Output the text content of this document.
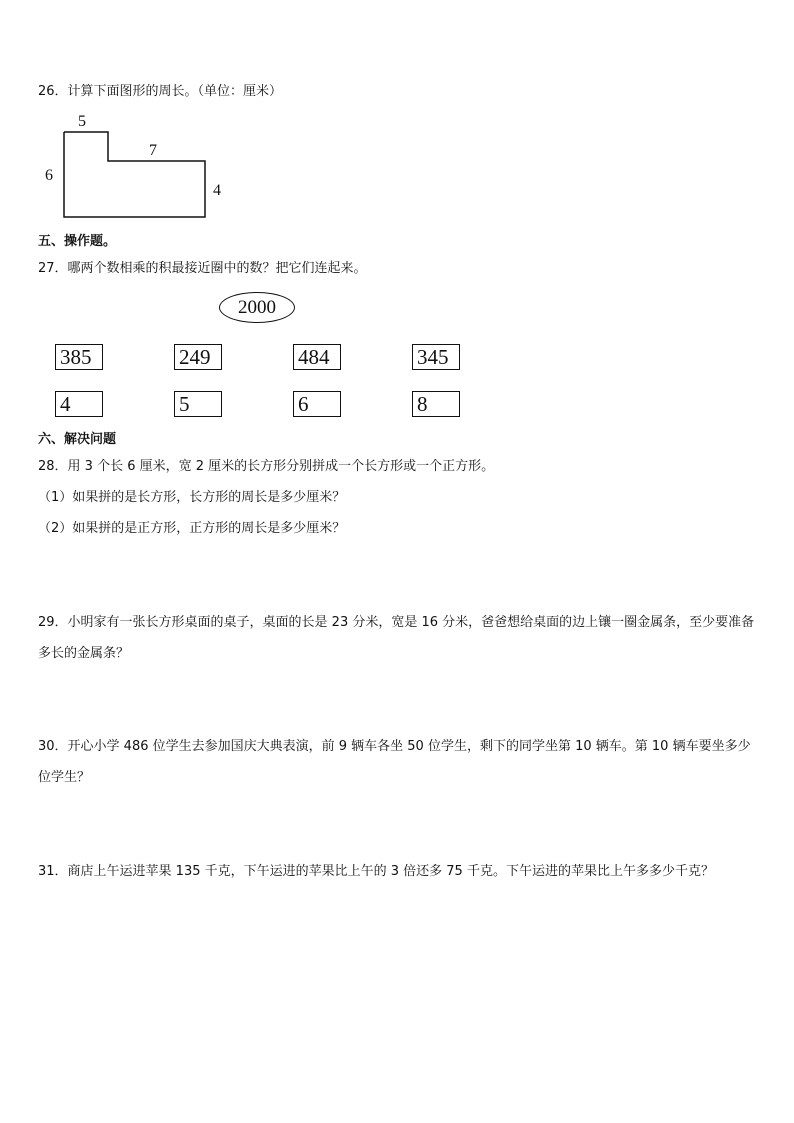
26．计算下面图形的周长。（单位：厘米）
5
7
6
4
五、操作题。
27．哪两个数相乘的积最接近圈中的数？把它们连起来。
2000
385	249	484	345
4	5	6	8
六、解决问题
28．用 3 个长 6 厘米，宽 2 厘米的长方形分别拼成一个长方形或一个正方形。
（1）如果拼的是长方形，长方形的周长是多少厘米？
（2）如果拼的是正方形，正方形的周长是多少厘米？
29．小明家有一张长方形桌面的桌子，桌面的长是 23 分米，宽是 16 分米，爸爸想给桌面的边上镶一圈金属条，至少要准备多长的金属条？
30．开心小学 486 位学生去参加国庆大典表演，前 9 辆车各坐 50 位学生，剩下的同学坐第 10 辆车。第 10 辆车要坐多少位学生？
31．商店上午运进苹果 135 千克，下午运进的苹果比上午的 3 倍还多 75 千克。下午运进的苹果比上午多多少千克？
